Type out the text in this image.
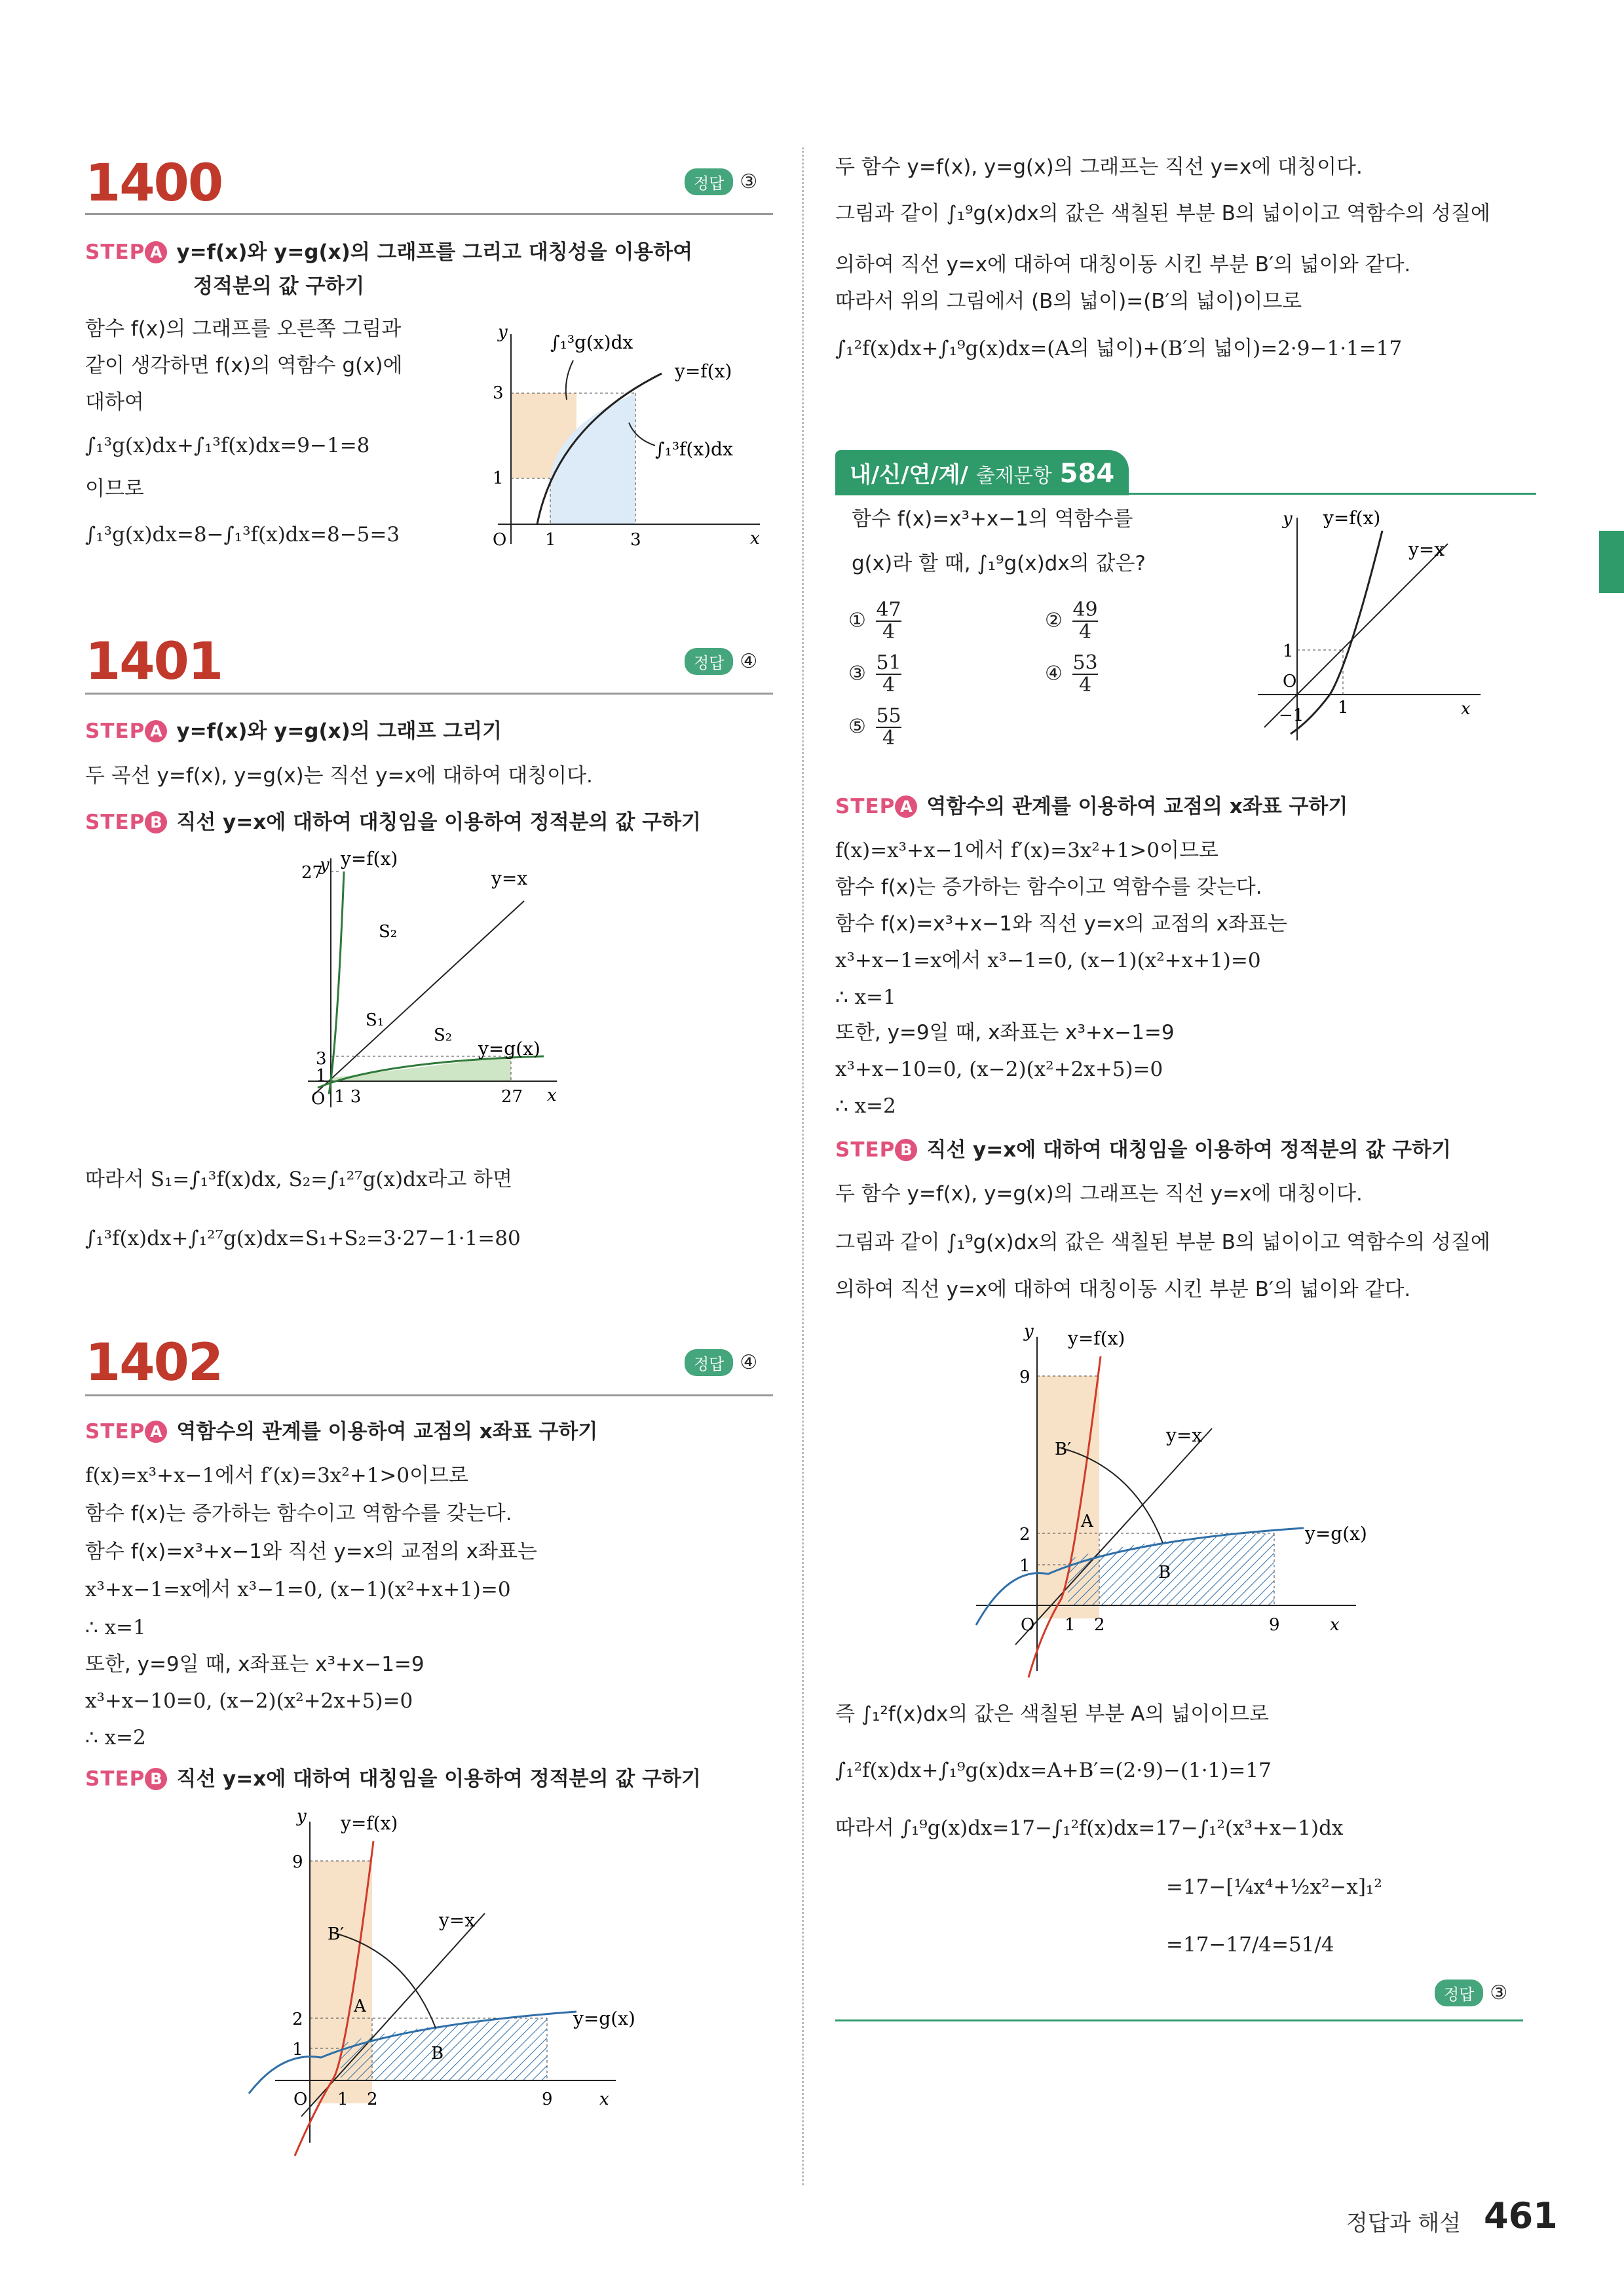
1400	정답 ③
STEP A y=f(x)와 y=g(x)의 그래프를 그리고 대칭성을 이용하여
정적분의 값 구하기
함수 f(x)의 그래프를 오른쪽 그림과
같이 생각하면 f(x)의 역함수 g(x)에
대하여
∫₁³g(x)dx+∫₁³f(x)dx=9−1=8
이므로
∫₁³g(x)dx=8−∫₁³f(x)dx=8−5=3
y
x
O
3
1
1	3
∫₁³g(x)dx
y=f(x)
∫₁³f(x)dx
1401	정답 ④
STEP A y=f(x)와 y=g(x)의 그래프 그리기
두 곡선 y=f(x), y=g(x)는 직선 y=x에 대하여 대칭이다.
STEP B 직선 y=x에 대하여 대칭임을 이용하여 정적분의 값 구하기
y
x
O
27
3
1
1 3	27
y=f(x)
y=x
y=g(x)
S₂
S₁
S₂
따라서 S₁=∫₁³f(x)dx, S₂=∫₁²⁷g(x)dx라고 하면
∫₁³f(x)dx+∫₁²⁷g(x)dx=S₁+S₂=3·27−1·1=80
1402	정답 ④
STEP A 역함수의 관계를 이용하여 교점의 x좌표 구하기
f(x)=x³+x−1에서 f′(x)=3x²+1>0이므로
함수 f(x)는 증가하는 함수이고 역함수를 갖는다.
함수 f(x)=x³+x−1와 직선 y=x의 교점의 x좌표는
x³+x−1=x에서 x³−1=0, (x−1)(x²+x+1)=0
∴ x=1
또한, y=9일 때, x좌표는 x³+x−1=9
x³+x−10=0, (x−2)(x²+2x+5)=0
∴ x=2
STEP B 직선 y=x에 대하여 대칭임을 이용하여 정적분의 값 구하기
y
x
O
9
2
1
1 2	9
y=f(x)
y=x
y=g(x)
A
B
B′
두 함수 y=f(x), y=g(x)의 그래프는 직선 y=x에 대칭이다.
그림과 같이 ∫₁⁹g(x)dx의 값은 색칠된 부분 B의 넓이이고 역함수의 성질에
의하여 직선 y=x에 대하여 대칭이동 시킨 부분 B′의 넓이와 같다.
따라서 위의 그림에서 (B의 넓이)=(B′의 넓이)이므로
∫₁²f(x)dx+∫₁⁹g(x)dx=(A의 넓이)+(B′의 넓이)=2·9−1·1=17
내/신/연/계/ 출제문항 584
함수 f(x)=x³+x−1의 역함수를
g(x)라 할 때, ∫₁⁹g(x)dx의 값은?
① $\frac{47}{4}$	② $\frac{49}{4}$
③ $\frac{51}{4}$	④ $\frac{53}{4}$
⑤ $\frac{55}{4}$
y
x
O
1
−1 1
y=f(x)
y=x
STEP A 역함수의 관계를 이용하여 교점의 x좌표 구하기
f(x)=x³+x−1에서 f′(x)=3x²+1>0이므로
함수 f(x)는 증가하는 함수이고 역함수를 갖는다.
함수 f(x)=x³+x−1와 직선 y=x의 교점의 x좌표는
x³+x−1=x에서 x³−1=0, (x−1)(x²+x+1)=0
∴ x=1
또한, y=9일 때, x좌표는 x³+x−1=9
x³+x−10=0, (x−2)(x²+2x+5)=0
∴ x=2
STEP B 직선 y=x에 대하여 대칭임을 이용하여 정적분의 값 구하기
두 함수 y=f(x), y=g(x)의 그래프는 직선 y=x에 대칭이다.
그림과 같이 ∫₁⁹g(x)dx의 값은 색칠된 부분 B의 넓이이고 역함수의 성질에
의하여 직선 y=x에 대하여 대칭이동 시킨 부분 B′의 넓이와 같다.
y
x
O
9
2
1
1 2	9
y=f(x)
y=x
y=g(x)
A
B
B′
즉 ∫₁²f(x)dx의 값은 색칠된 부분 A의 넓이이므로
∫₁²f(x)dx+∫₁⁹g(x)dx=A+B′=(2·9)−(1·1)=17
따라서 ∫₁⁹g(x)dx=17−∫₁²f(x)dx=17−∫₁²(x³+x−1)dx
=17−[¼x⁴+½x²−x]₁²
=17−17/4=51/4
정답 ③
정답과 해설 461
